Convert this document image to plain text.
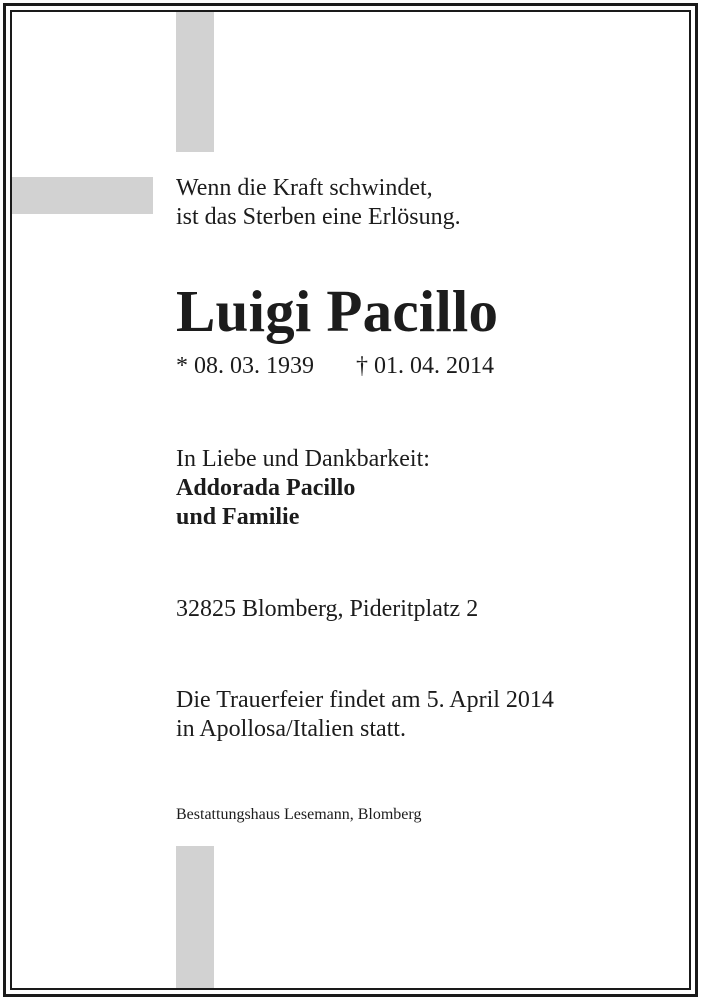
Wenn die Kraft schwindet,
ist das Sterben eine Erlösung.

Luigi Pacillo

* 08. 03. 1939 † 01. 04. 2014

In Liebe und Dankbarkeit:
Addorada Pacillo
und Familie

32825 Blomberg, Pideritplatz 2

Die Trauerfeier findet am 5. April 2014
in Apollosa/Italien statt.

Bestattungshaus Lesemann, Blomberg
